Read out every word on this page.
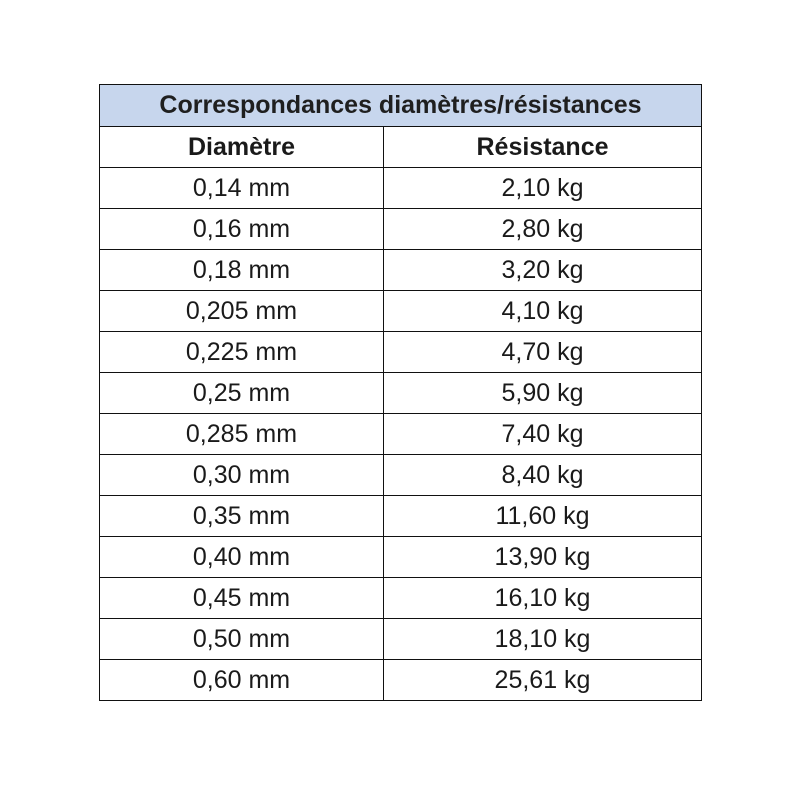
Correspondances diamètres/résistances	
Diamètre	Résistance
0,14 mm	2,10 kg
0,16 mm	2,80 kg
0,18 mm	3,20 kg
0,205 mm	4,10 kg
0,225 mm	4,70 kg
0,25 mm	5,90 kg
0,285 mm	7,40 kg
0,30 mm	8,40 kg
0,35 mm	11,60 kg
0,40 mm	13,90 kg
0,45 mm	16,10 kg
0,50 mm	18,10 kg
0,60 mm	25,61 kg
